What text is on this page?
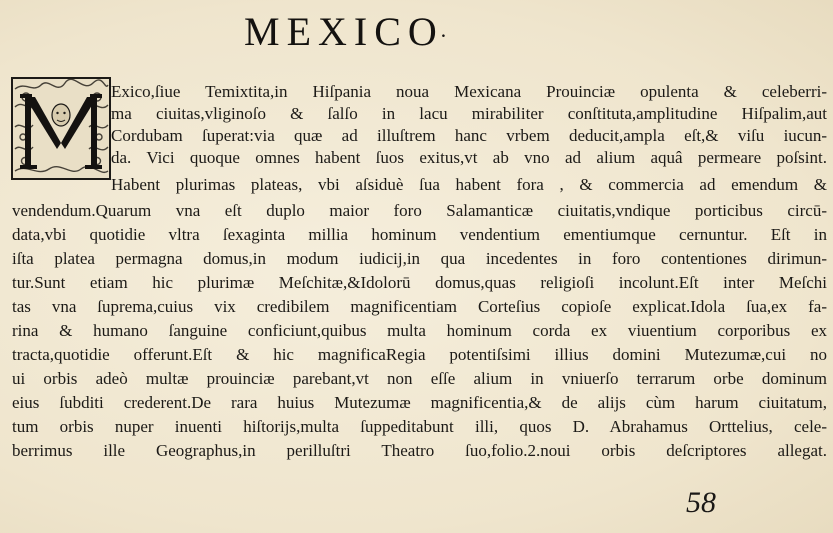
MEXICO·
Exico,ſiue Temixtita,in Hiſpania noua Mexicana Prouinciæ opulenta & celeberri-
ma ciuitas,vliginoſo & ſalſo in lacu mirabiliter conſtituta,amplitudine Hiſpalim,aut
Cordubam ſuperat:via quæ ad illuſtrem hanc vrbem deducit,ampla eſt,& viſu iucun-
da. Vici quoque omnes habent ſuos exitus,vt ab vno ad alium aquâ permeare poſsint.
Habent plurimas plateas, vbi aſsiduè ſua habent fora , & commercia ad emendum &
vendendum.Quarum vna eſt duplo maior foro Salamanticæ ciuitatis,vndique porticibus circū-
data,vbi quotidie vltra ſexaginta millia hominum vendentium ementiumque cernuntur. Eſt in
iſta platea permagna domus,in modum iudicij,in qua incedentes in foro contentiones dirimun-
tur.Sunt etiam hic plurimæ Meſchitæ,&Idolorū domus,quas religioſi incolunt.Eſt inter Meſchi
tas vna ſuprema,cuius vix credibilem magnificentiam Corteſius copioſe explicat.Idola ſua,ex fa-
rina & humano ſanguine conficiunt,quibus multa hominum corda ex viuentium corporibus ex
tracta,quotidie offerunt.Eſt & hic magnificaRegia potentiſsimi illius domini Mutezumæ,cui no
ui orbis adeò multæ prouinciæ parebant,vt non eſſe alium in vniuerſo terrarum orbe dominum
eius ſubditi crederent.De rara huius Mutezumæ magnificentia,& de alijs cùm harum ciuitatum,
tum orbis nuper inuenti hiſtorijs,multa ſuppeditabunt illi, quos D. Abrahamus Orttelius, cele-
berrimus ille Geographus,in perilluſtri Theatro ſuo,folio.2.noui orbis deſcriptores allegat.
58
